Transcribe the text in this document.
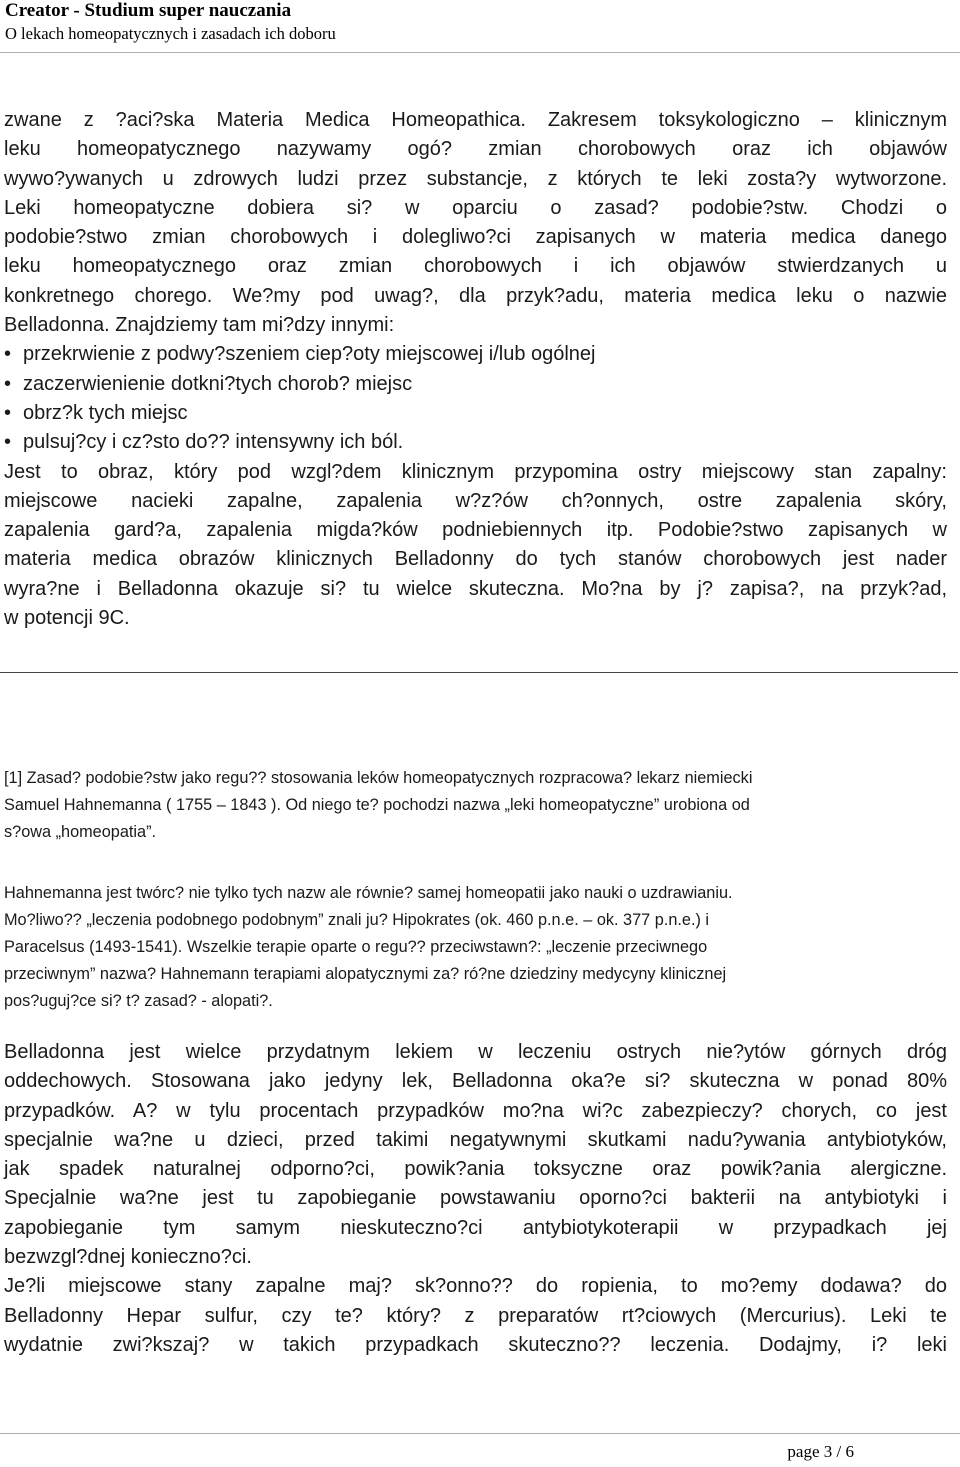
Creator - Studium super nauczania
O lekach homeopatycznych i zasadach ich doboru

zwane z ?aci?ska Materia Medica Homeopathica. Zakresem toksykologiczno – klinicznym

leku homeopatycznego nazywamy ogó? zmian chorobowych oraz ich objawów

wywo?ywanych u zdrowych ludzi przez substancje, z których te leki zosta?y wytworzone.

Leki homeopatyczne dobiera si? w oparciu o zasad? podobie?stw. Chodzi o

podobie?stwo zmian chorobowych i dolegliwo?ci zapisanych w materia medica danego

leku homeopatycznego oraz zmian chorobowych i ich objawów stwierdzanych u

konkretnego chorego. We?my pod uwag?, dla przyk?adu, materia medica leku o nazwie

Belladonna. Znajdziemy tam mi?dzy innymi:

• przekrwienie z podwy?szeniem ciep?oty miejscowej i/lub ogólnej
• zaczerwienienie dotkni?tych chorob? miejsc
• obrz?k tych miejsc
• pulsuj?cy i cz?sto do?? intensywny ich ból.

Jest to obraz, który pod wzgl?dem klinicznym przypomina ostry miejscowy stan zapalny:

miejscowe nacieki zapalne, zapalenia w?z?ów ch?onnych, ostre zapalenia skóry,

zapalenia gard?a, zapalenia migda?ków podniebiennych itp. Podobie?stwo zapisanych w

materia medica obrazów klinicznych Belladonny do tych stanów chorobowych jest nader

wyra?ne i Belladonna okazuje si? tu wielce skuteczna. Mo?na by j? zapisa?, na przyk?ad,

w potencji 9C.

[1] Zasad? podobie?stw jako regu?? stosowania leków homeopatycznych rozpracowa? lekarz niemiecki

Samuel Hahnemanna ( 1755 – 1843 ). Od niego te? pochodzi nazwa „leki homeopatyczne” urobiona od

s?owa „homeopatia”.

Hahnemanna jest twórc? nie tylko tych nazw ale równie? samej homeopatii jako nauki o uzdrawianiu.

Mo?liwo?? „leczenia podobnego podobnym” znali ju? Hipokrates (ok. 460 p.n.e. – ok. 377 p.n.e.) i

Paracelsus (1493-1541). Wszelkie terapie oparte o regu?? przeciwstawn?: „leczenie przeciwnego

przeciwnym” nazwa? Hahnemann terapiami alopatycznymi za? ró?ne dziedziny medycyny klinicznej

pos?uguj?ce si? t? zasad? - alopati?.

Belladonna jest wielce przydatnym lekiem w leczeniu ostrych nie?ytów górnych dróg

oddechowych. Stosowana jako jedyny lek, Belladonna oka?e si? skuteczna w ponad 80%

przypadków. A? w tylu procentach przypadków mo?na wi?c zabezpieczy? chorych, co jest

specjalnie wa?ne u dzieci, przed takimi negatywnymi skutkami nadu?ywania antybiotyków,

jak spadek naturalnej odporno?ci, powik?ania toksyczne oraz powik?ania alergiczne.

Specjalnie wa?ne jest tu zapobieganie powstawaniu oporno?ci bakterii na antybiotyki i

zapobieganie tym samym nieskuteczno?ci antybiotykoterapii w przypadkach jej

bezwzgl?dnej konieczno?ci.

Je?li miejscowe stany zapalne maj? sk?onno?? do ropienia, to mo?emy dodawa? do

Belladonny Hepar sulfur, czy te? który? z preparatów rt?ciowych (Mercurius). Leki te

wydatnie zwi?kszaj? w takich przypadkach skuteczno?? leczenia. Dodajmy, i? leki

page 3 / 6
